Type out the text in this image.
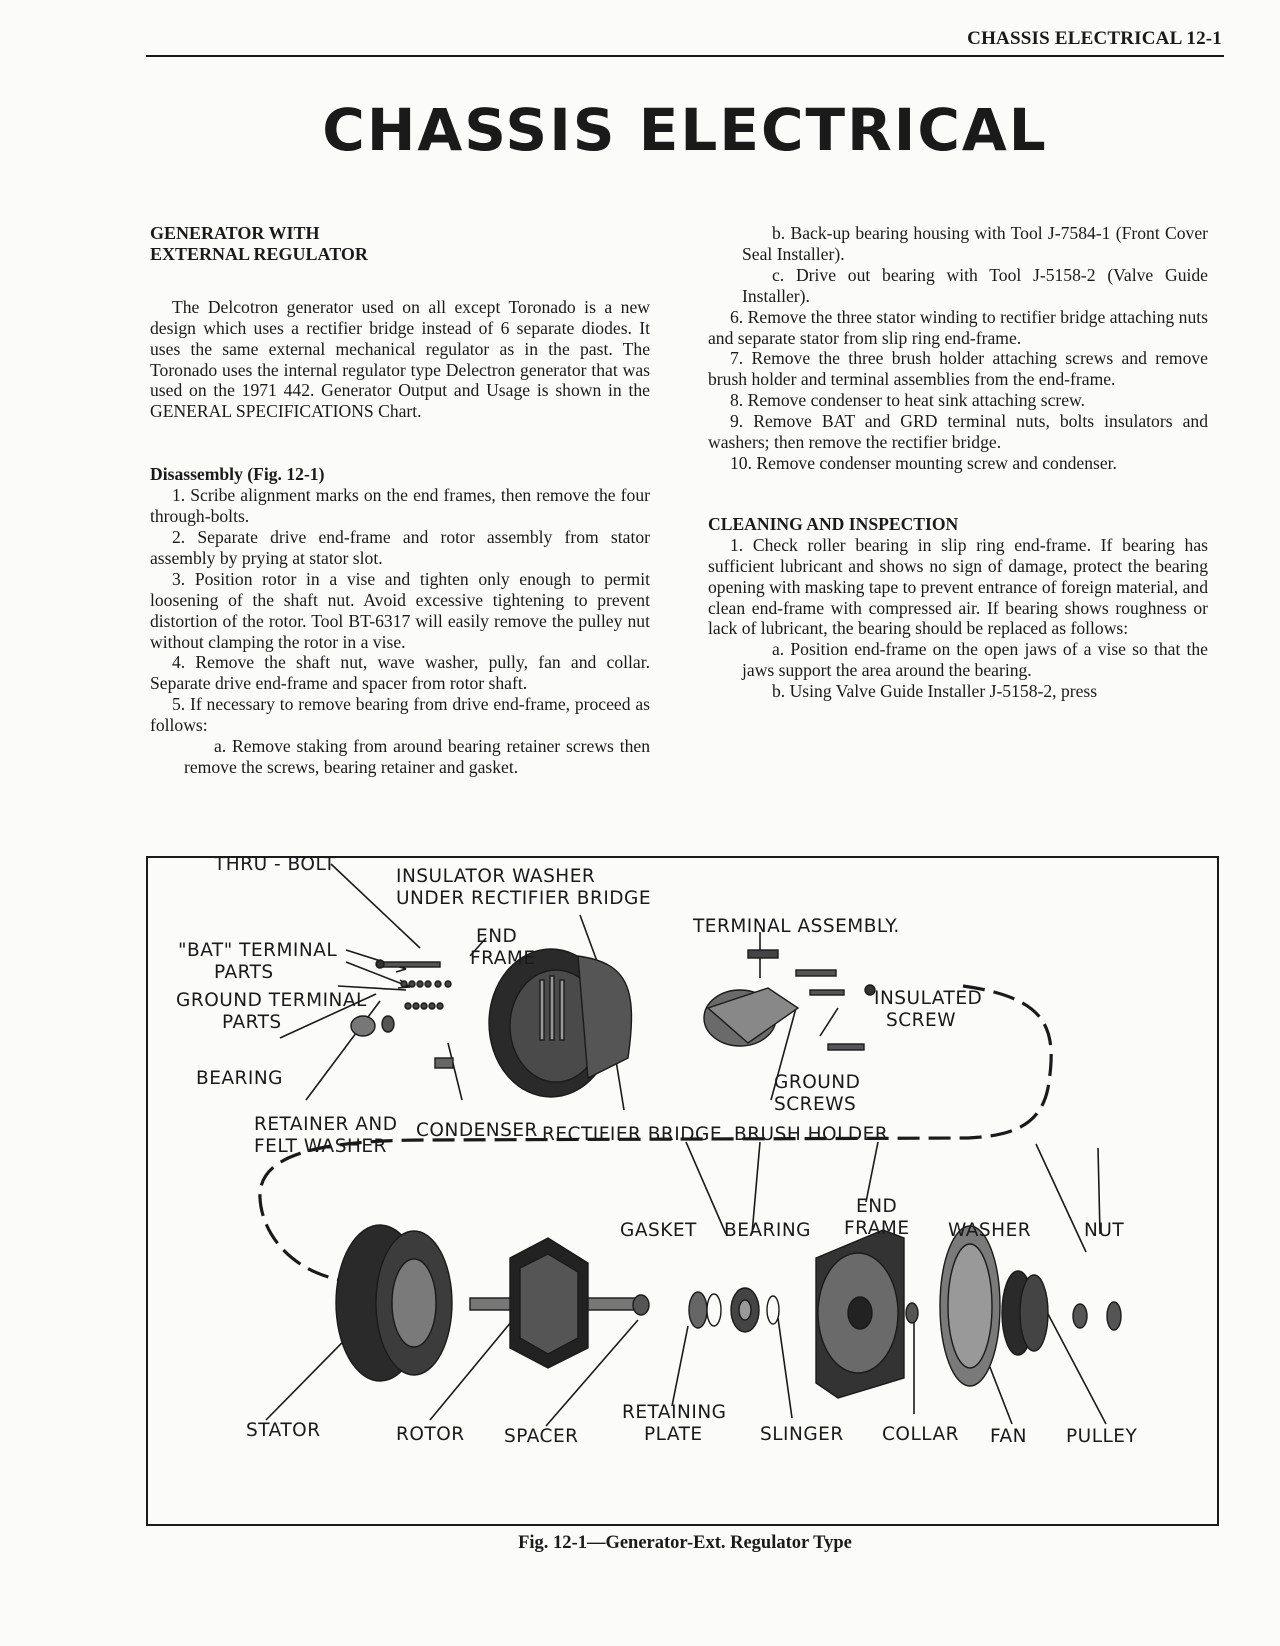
CHASSIS ELECTRICAL 12-1
CHASSIS ELECTRICAL

GENERATOR WITH

EXTERNAL REGULATOR

The Delcotron generator used on all except Toronado is a new design which uses a rectifier bridge instead of 6 separate diodes. It uses the same external mechanical regulator as in the past. The Toronado uses the internal regulator type Delectron generator that was used on the 1971 442. Generator Output and Usage is shown in the GENERAL SPECIFICATIONS Chart.

Disassembly (Fig. 12-1)

1. Scribe alignment marks on the end frames, then remove the four through-bolts.

2. Separate drive end-frame and rotor assembly from stator assembly by prying at stator slot.

3. Position rotor in a vise and tighten only enough to permit loosening of the shaft nut. Avoid excessive tightening to prevent distortion of the rotor. Tool BT-6317 will easily remove the pulley nut without clamping the rotor in a vise.

4. Remove the shaft nut, wave washer, pully, fan and collar. Separate drive end-frame and spacer from rotor shaft.

5. If necessary to remove bearing from drive end-frame, proceed as follows:

a. Remove staking from around bearing retainer screws then remove the screws, bearing retainer and gasket.

b. Back-up bearing housing with Tool J-7584-1 (Front Cover Seal Installer).

c. Drive out bearing with Tool J-5158-2 (Valve Guide Installer).

6. Remove the three stator winding to rectifier bridge attaching nuts and separate stator from slip ring end-frame.

7. Remove the three brush holder attaching screws and remove brush holder and terminal assemblies from the end-frame.

8. Remove condenser to heat sink attaching screw.

9. Remove BAT and GRD terminal nuts, bolts insulators and washers; then remove the rectifier bridge.

10. Remove condenser mounting screw and condenser.

CLEANING AND INSPECTION

1. Check roller bearing in slip ring end-frame. If bearing has sufficient lubricant and shows no sign of damage, protect the bearing opening with masking tape to prevent entrance of foreign material, and clean end-frame with compressed air. If bearing shows roughness or lack of lubricant, the bearing should be replaced as follows:

a. Position end-frame on the open jaws of a vise so that the jaws support the area around the bearing.

b. Using Valve Guide Installer J-5158-2, press

THRU - BOLT
INSULATOR WASHER
UNDER RECTIFIER BRIDGE
END
FRAME
TERMINAL ASSEMBLY.
"BAT" TERMINAL
PARTS
GROUND TERMINAL
PARTS
INSULATED
SCREW
BEARING	GROUND
SCREWS
RETAINER AND
FELT WASHER
CONDENSER RECTIFIER BRIDGE BRUSH HOLDER
END
FRAME
GASKET BEARING	WASHER	NUT
STATOR	ROTOR SPACER
RETAINING
PLATE	SLINGER COLLAR FAN PULLEY
Fig. 12-1—Generator-Ext. Regulator Type
